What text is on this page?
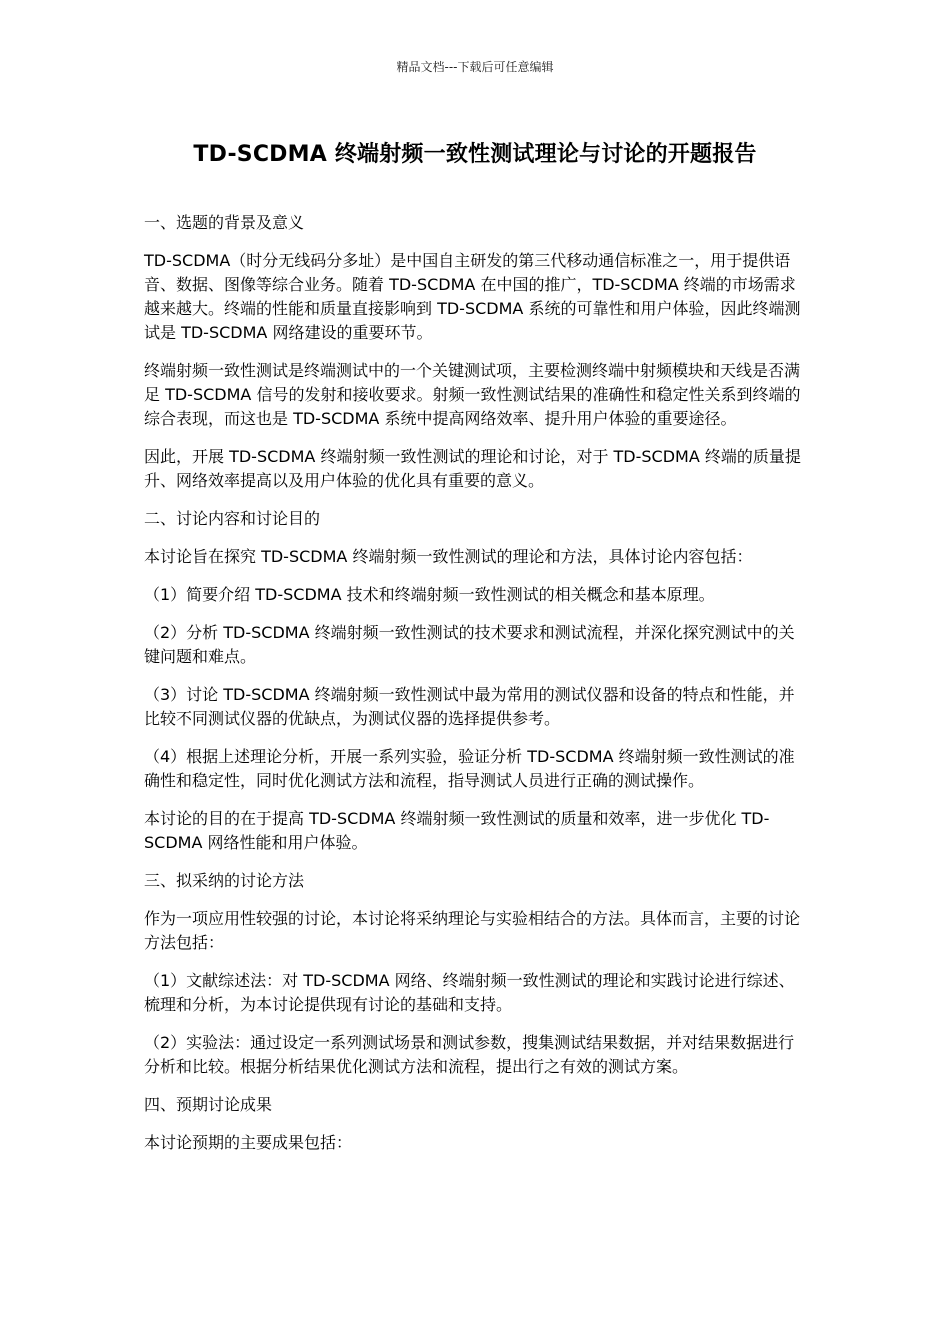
精品文档---下载后可任意编辑
TD-SCDMA 终端射频一致性测试理论与讨论的开题报告

一、选题的背景及意义

TD-SCDMA（时分无线码分多址）是中国自主研发的第三代移动通信标准之一，用于提供语音、数据、图像等综合业务。随着 TD-SCDMA 在中国的推广，TD-SCDMA 终端的市场需求越来越大。终端的性能和质量直接影响到 TD-SCDMA 系统的可靠性和用户体验，因此终端测试是 TD-SCDMA 网络建设的重要环节。

终端射频一致性测试是终端测试中的一个关键测试项，主要检测终端中射频模块和天线是否满足 TD-SCDMA 信号的发射和接收要求。射频一致性测试结果的准确性和稳定性关系到终端的综合表现，而这也是 TD-SCDMA 系统中提高网络效率、提升用户体验的重要途径。

因此，开展 TD-SCDMA 终端射频一致性测试的理论和讨论，对于 TD-SCDMA 终端的质量提升、网络效率提高以及用户体验的优化具有重要的意义。

二、讨论内容和讨论目的

本讨论旨在探究 TD-SCDMA 终端射频一致性测试的理论和方法，具体讨论内容包括：

（1）简要介绍 TD-SCDMA 技术和终端射频一致性测试的相关概念和基本原理。

（2）分析 TD-SCDMA 终端射频一致性测试的技术要求和测试流程，并深化探究测试中的关键问题和难点。

（3）讨论 TD-SCDMA 终端射频一致性测试中最为常用的测试仪器和设备的特点和性能，并比较不同测试仪器的优缺点，为测试仪器的选择提供参考。

（4）根据上述理论分析，开展一系列实验，验证分析 TD-SCDMA 终端射频一致性测试的准确性和稳定性，同时优化测试方法和流程，指导测试人员进行正确的测试操作。

本讨论的目的在于提高 TD-SCDMA 终端射频一致性测试的质量和效率，进一步优化 TD-SCDMA 网络性能和用户体验。

三、拟采纳的讨论方法

作为一项应用性较强的讨论，本讨论将采纳理论与实验相结合的方法。具体而言，主要的讨论方法包括：

（1）文献综述法：对 TD-SCDMA 网络、终端射频一致性测试的理论和实践讨论进行综述、梳理和分析，为本讨论提供现有讨论的基础和支持。

（2）实验法：通过设定一系列测试场景和测试参数，搜集测试结果数据，并对结果数据进行分析和比较。根据分析结果优化测试方法和流程，提出行之有效的测试方案。

四、预期讨论成果

本讨论预期的主要成果包括：
